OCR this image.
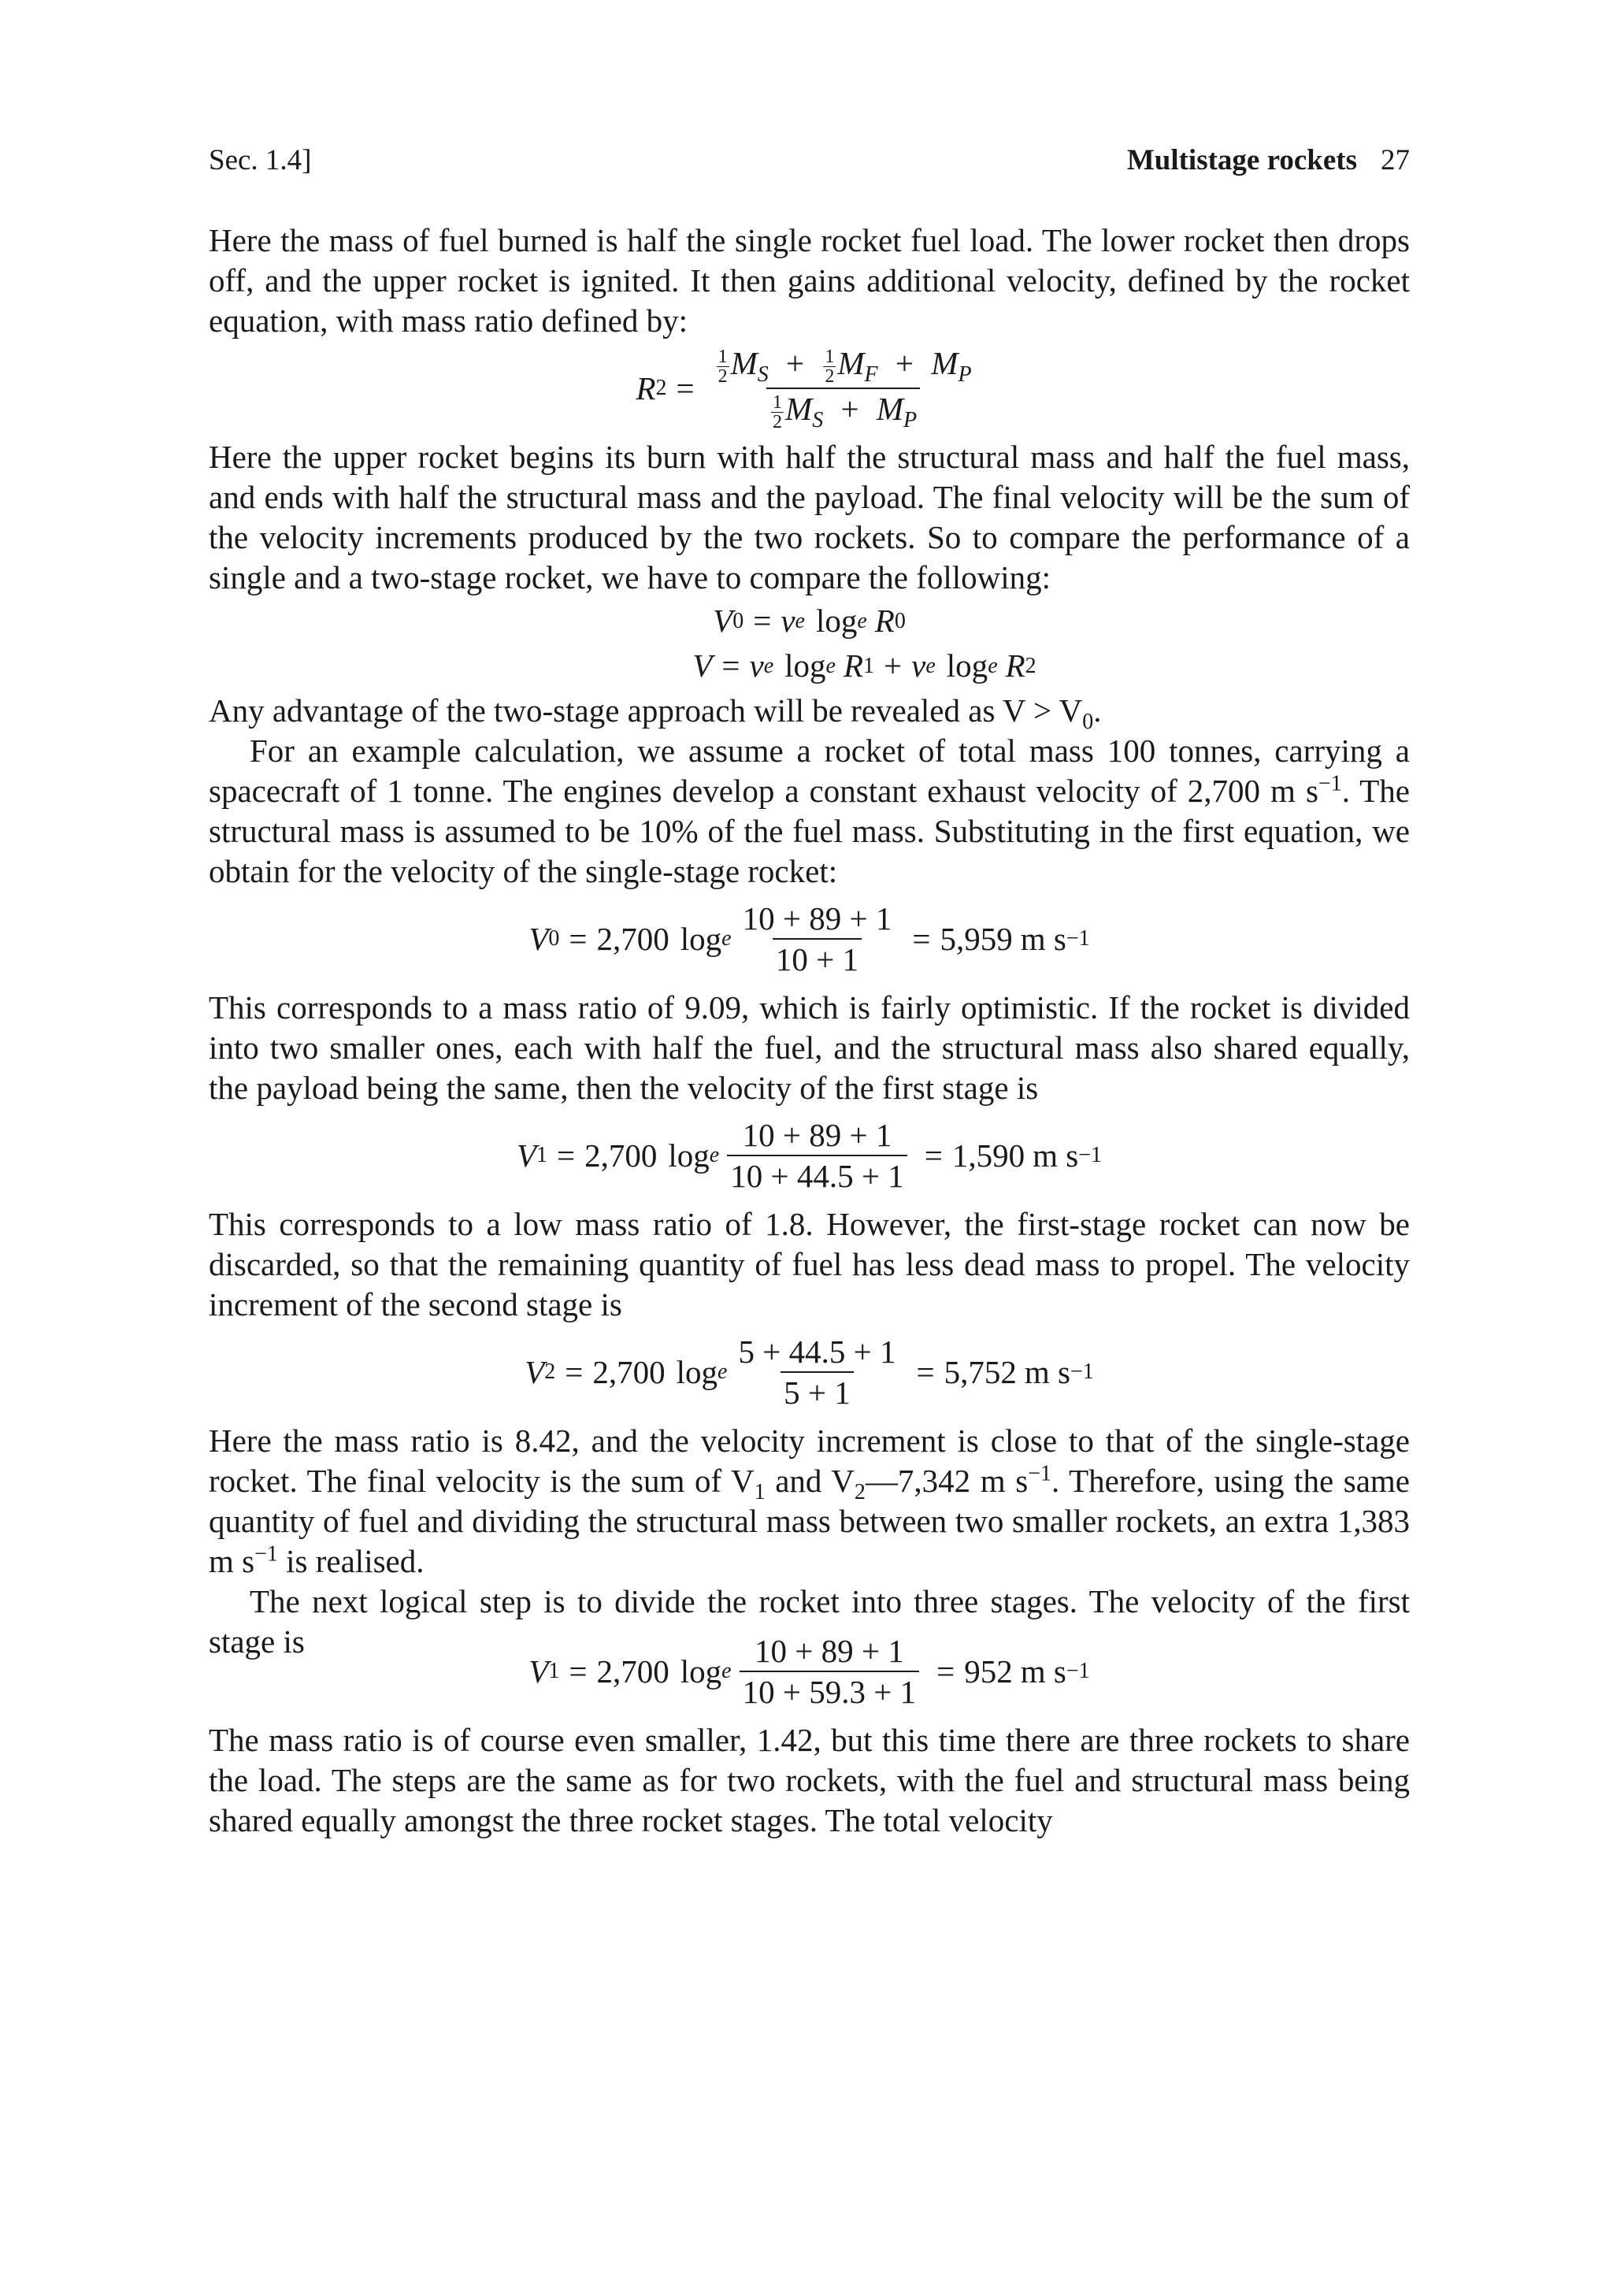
Sec. 1.4]	Multistage rockets 27

Here the mass of fuel burned is half the single rocket fuel load. The lower rocket then drops off, and the upper rocket is ignited. It then gains additional velocity, defined by the rocket equation, with mass ratio defined by:

R $2 = \frac{\frac{1}{2} M_S + \frac{1}{2} M_F + M_P}{\frac{1}{2} M_S + M_P}$

Here the upper rocket begins its burn with half the structural mass and half the fuel mass, and ends with half the structural mass and the payload. The final velocity will be the sum of the velocity increments produced by the two rockets. So to compare the performance of a single and a two-stage rocket, we have to compare the following:

V 0 = v e log e R 0
V = v e log e R 1 + v e log e R 2

Any advantage of the two-stage approach will be revealed as $V > V_0$.

For an example calculation, we assume a rocket of total mass 100 tonnes, carrying a spacecraft of 1 tonne. The engines develop a constant exhaust velocity of 2,700 m $s^{-1}$. The structural mass is assumed to be 10% of the fuel mass. Substituting in the first equation, we obtain for the velocity of the single-stage rocket:

V 0 = 2,700 log e $\frac{10 + 89 + 1}{10 + 1} = 5,959$ m s −1

This corresponds to a mass ratio of 9.09, which is fairly optimistic. If the rocket is divided into two smaller ones, each with half the fuel, and the structural mass also shared equally, the payload being the same, then the velocity of the first stage is

V 1 = 2,700 log e $\frac{10 + 89 + 1}{10 + 44.5 + 1} = 1,590$ m s −1

This corresponds to a low mass ratio of 1.8. However, the first-stage rocket can now be discarded, so that the remaining quantity of fuel has less dead mass to propel. The velocity increment of the second stage is

V 2 = 2,700 log e $\frac{5 + 44.5 + 1}{5 + 1} = 5,752$ m s −1

Here the mass ratio is 8.42, and the velocity increment is close to that of the single-stage rocket. The final velocity is the sum of $V_1$ and $V_2—7,342$ m $s^{-1}$. Therefore, using the same quantity of fuel and dividing the structural mass between two smaller rockets, an extra 1,383 m $s^{-1}$ is realised.

The next logical step is to divide the rocket into three stages. The velocity of the first stage is

V 1 = 2,700 log e $\frac{10 + 89 + 1}{10 + 59.3 + 1} = 952$ m s −1

The mass ratio is of course even smaller, 1.42, but this time there are three rockets to share the load. The steps are the same as for two rockets, with the fuel and structural mass being shared equally amongst the three rocket stages. The total velocity
